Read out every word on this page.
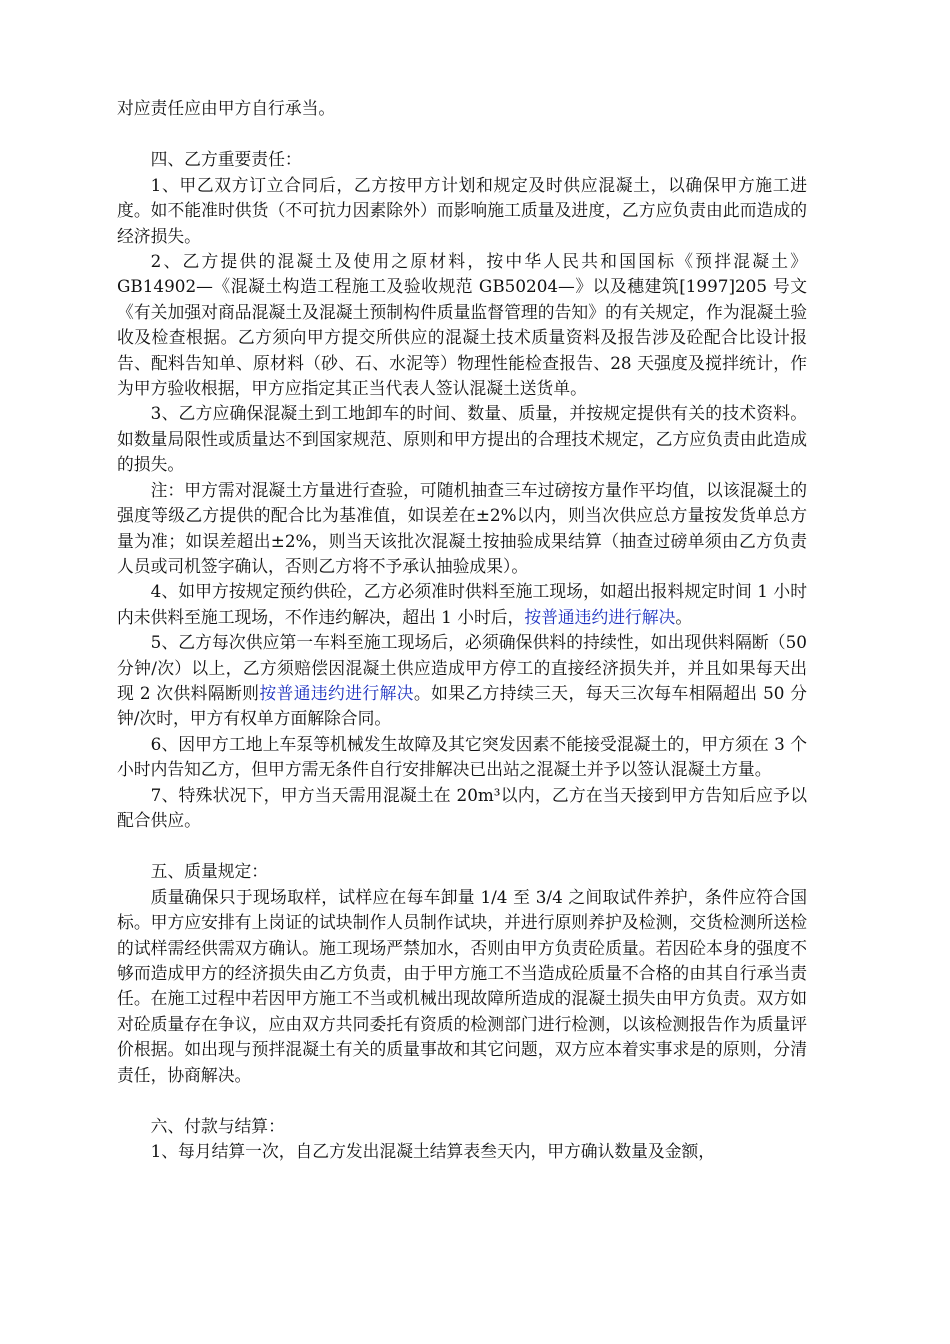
对应责任应由甲方自行承当。

四、乙方重要责任：

1、甲乙双方订立合同后，乙方按甲方计划和规定及时供应混凝土，以确保甲方施工进度。如不能准时供货（不可抗力因素除外）而影响施工质量及进度，乙方应负责由此而造成的经济损失。

2、乙方提供的混凝土及使用之原材料，按中华人民共和国国标《预拌混凝土》GB14902—《混凝土构造工程施工及验收规范 GB50204—》以及穗建筑[1997]205 号文《有关加强对商品混凝土及混凝土预制构件质量监督管理的告知》的有关规定，作为混凝土验收及检查根据。乙方须向甲方提交所供应的混凝土技术质量资料及报告涉及砼配合比设计报告、配料告知单、原材料（砂、石、水泥等）物理性能检查报告、28 天强度及搅拌统计，作为甲方验收根据，甲方应指定其正当代表人签认混凝土送货单。

3、乙方应确保混凝土到工地卸车的时间、数量、质量，并按规定提供有关的技术资料。如数量局限性或质量达不到国家规范、原则和甲方提出的合理技术规定，乙方应负责由此造成的损失。

注：甲方需对混凝土方量进行查验，可随机抽查三车过磅按方量作平均值，以该混凝土的强度等级乙方提供的配合比为基准值，如误差在±2%以内，则当次供应总方量按发货单总方量为准；如误差超出±2%，则当天该批次混凝土按抽验成果结算（抽查过磅单须由乙方负责人员或司机签字确认，否则乙方将不予承认抽验成果）。

4、如甲方按规定预约供砼，乙方必须准时供料至施工现场，如超出报料规定时间 1 小时内未供料至施工现场，不作违约解决，超出 1 小时后，按普通违约进行解决。

5、乙方每次供应第一车料至施工现场后，必须确保供料的持续性，如出现供料隔断（50 分钟/次）以上，乙方须赔偿因混凝土供应造成甲方停工的直接经济损失并，并且如果每天出现 2 次供料隔断则按普通违约进行解决。如果乙方持续三天，每天三次每车相隔超出 50 分钟/次时，甲方有权单方面解除合同。

6、因甲方工地上车泵等机械发生故障及其它突发因素不能接受混凝土的，甲方须在 3 个小时内告知乙方，但甲方需无条件自行安排解决已出站之混凝土并予以签认混凝土方量。

7、特殊状况下，甲方当天需用混凝土在 20m³以内，乙方在当天接到甲方告知后应予以配合供应。

五、质量规定：

质量确保只于现场取样，试样应在每车卸量 1/4 至 3/4 之间取试件养护，条件应符合国标。甲方应安排有上岗证的试块制作人员制作试块，并进行原则养护及检测，交货检测所送检的试样需经供需双方确认。施工现场严禁加水，否则由甲方负责砼质量。若因砼本身的强度不够而造成甲方的经济损失由乙方负责，由于甲方施工不当造成砼质量不合格的由其自行承当责任。在施工过程中若因甲方施工不当或机械出现故障所造成的混凝土损失由甲方负责。双方如对砼质量存在争议，应由双方共同委托有资质的检测部门进行检测，以该检测报告作为质量评价根据。如出现与预拌混凝土有关的质量事故和其它问题，双方应本着实事求是的原则，分清责任，协商解决。

六、付款与结算：

1、每月结算一次，自乙方发出混凝土结算表叁天内，甲方确认数量及金额，
